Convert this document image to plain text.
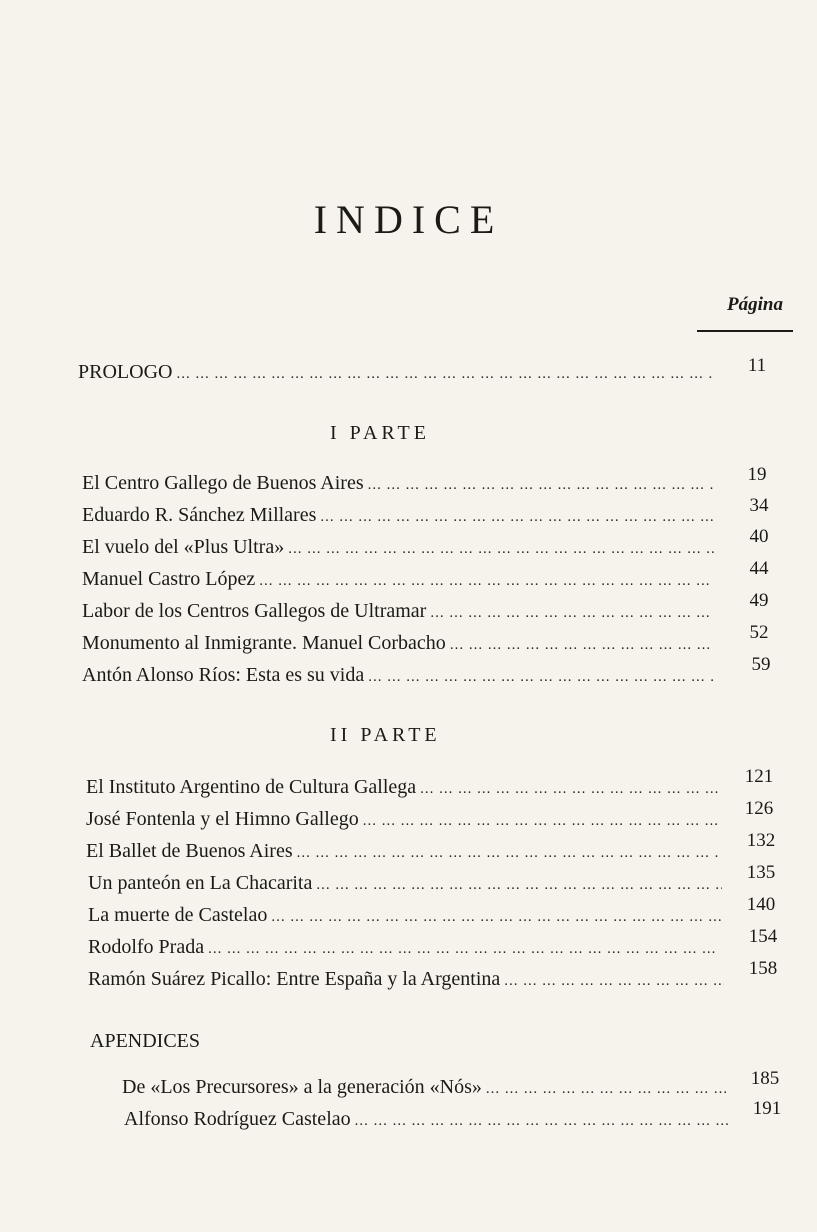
INDICE
Página
PROLOGO ... .	11
I PARTE
El Centro Gallego de Buenos Aires ... .	19
Eduardo R. Sánchez Millares ... .	34
El vuelo del «Plus Ultra» ... .	40
Manuel Castro López ... .	44
Labor de los Centros Gallegos de Ultramar ... .	49
Monumento al Inmigrante. Manuel Corbacho ... .	52
Antón Alonso Ríos: Esta es su vida ... .	59
II PARTE
El Instituto Argentino de Cultura Gallega ... .	121
José Fontenla y el Himno Gallego ... .	126
El Ballet de Buenos Aires ... .	132
Un panteón en La Chacarita ... .	135
La muerte de Castelao ... .	140
Rodolfo Prada ... .	154
Ramón Suárez Picallo: Entre España y la Argentina ... .	158
APENDICES
De «Los Precursores» a la generación «Nós» ... .	185
Alfonso Rodríguez Castelao ... .	191
